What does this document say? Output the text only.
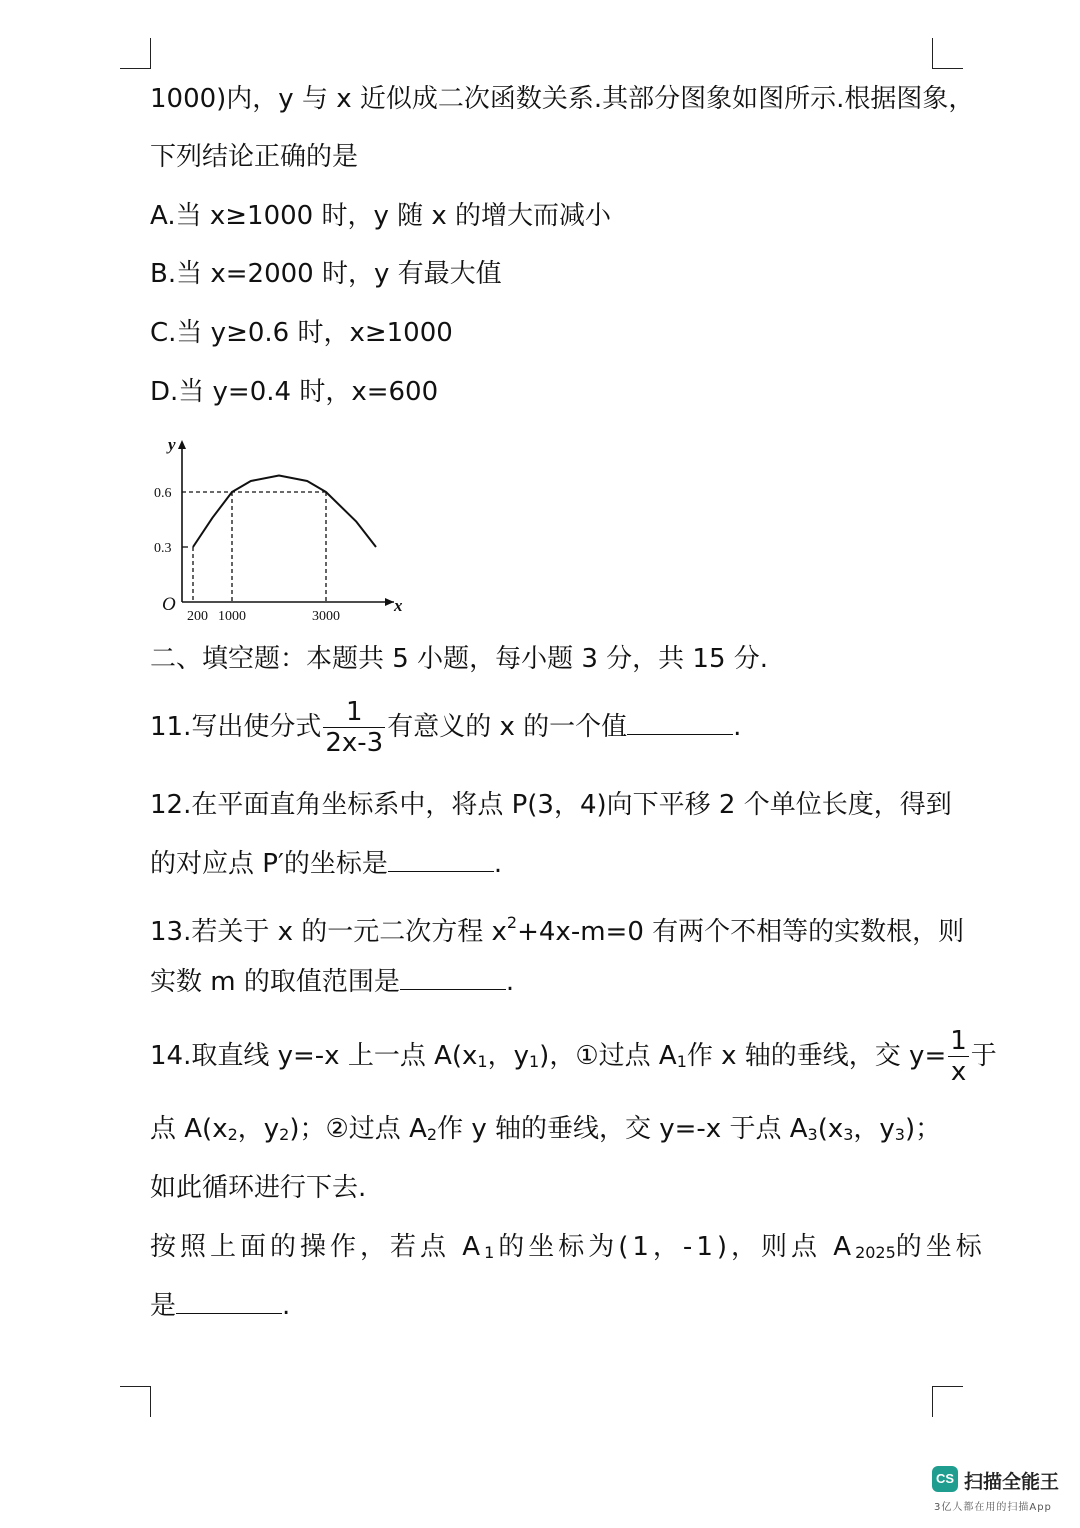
1000)内，y 与 x 近似成二次函数关系.其部分图象如图所示.根据图象，
下列结论正确的是
A.当 x≥1000 时，y 随 x 的增大而减小
B.当 x=2000 时，y 有最大值
C.当 y≥0.6 时，x≥1000
D.当 y=0.4 时，x=600
y
x
O
0.6
0.3
200 1000	3000
二、填空题：本题共 5 小题，每小题 3 分，共 15 分.
11.写出使分式 $\frac{1}{2x-3}$ 有意义的 x 的一个值	.
12.在平面直角坐标系中，将点 P(3，4)向下平移 2 个单位长度，得到
的对应点 P′的坐标是	.
13.若关于 x 的一元二次方程 $x^2+4x-m=0$ 有两个不相等的实数根，则
实数 m 的取值范围是	.
14.取直线 y=-x 上一点 $A(x_1$，$y_1$)，①过点 $A_1$作 x 轴的垂线，交 $y= \frac{1}{x}$ 于
点 $A(x_2$，$y_2$)；②过点 $A_2$作 y 轴的垂线，交 y=-x 于点 $A_3(x_3$，$y_3$)；
如此循环进行下去.
按照上面的操作，若点 $A_1$的坐标为(1，-1)，则点 $A_{2025}$的坐标
是	.
CS 扫描全能王
3亿人都在用的扫描App
